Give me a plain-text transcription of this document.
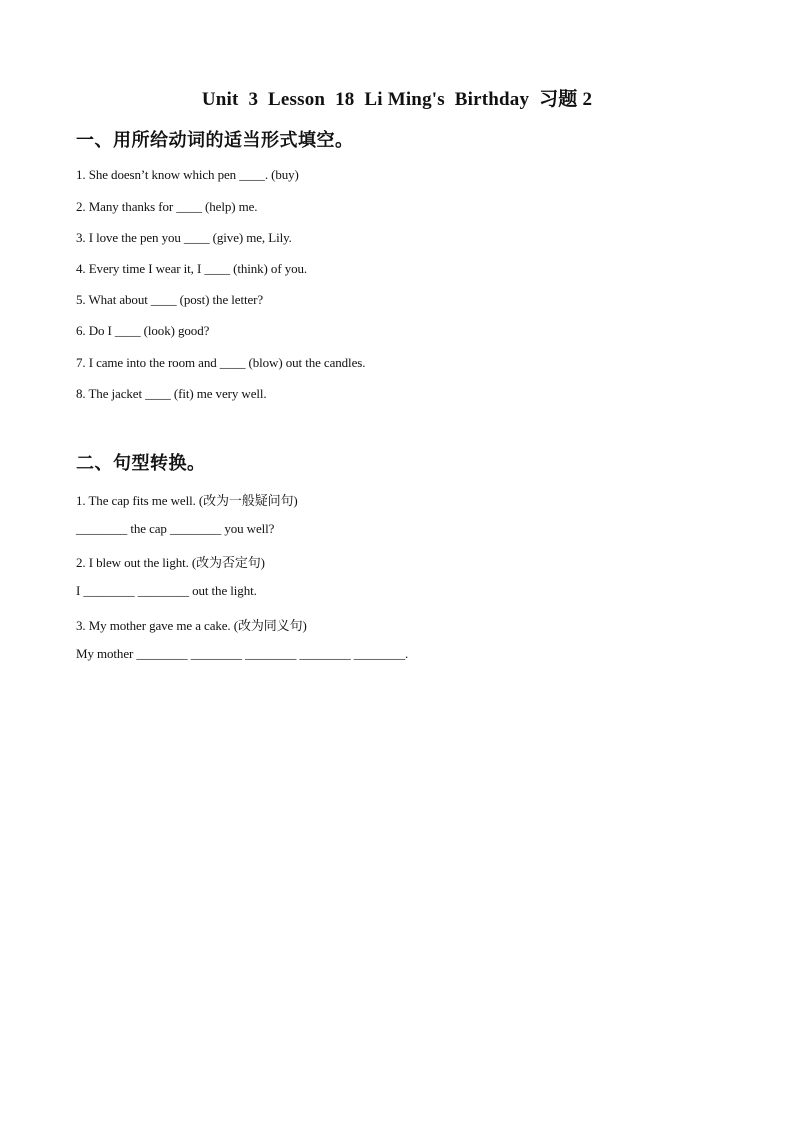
Unit  3  Lesson  18  Li Ming's  Birthday  习题 2
一、用所给动词的适当形式填空。
1. She doesn’t know which pen ____. (buy)
2. Many thanks for ____ (help) me.
3. I love the pen you ____ (give) me, Lily.
4. Every time I wear it, I ____ (think) of you.
5. What about ____ (post) the letter?
6. Do I ____ (look) good?
7. I came into the room and ____ (blow) out the candles.
8. The jacket ____ (fit) me very well.
二、句型转换。
1. The cap fits me well. (改为一般疑问句)
________ the cap ________ you well?
2. I blew out the light. (改为否定句)
I ________ ________ out the light.
3. My mother gave me a cake. (改为同义句)
My mother ________ ________ ________ ________ ________.
